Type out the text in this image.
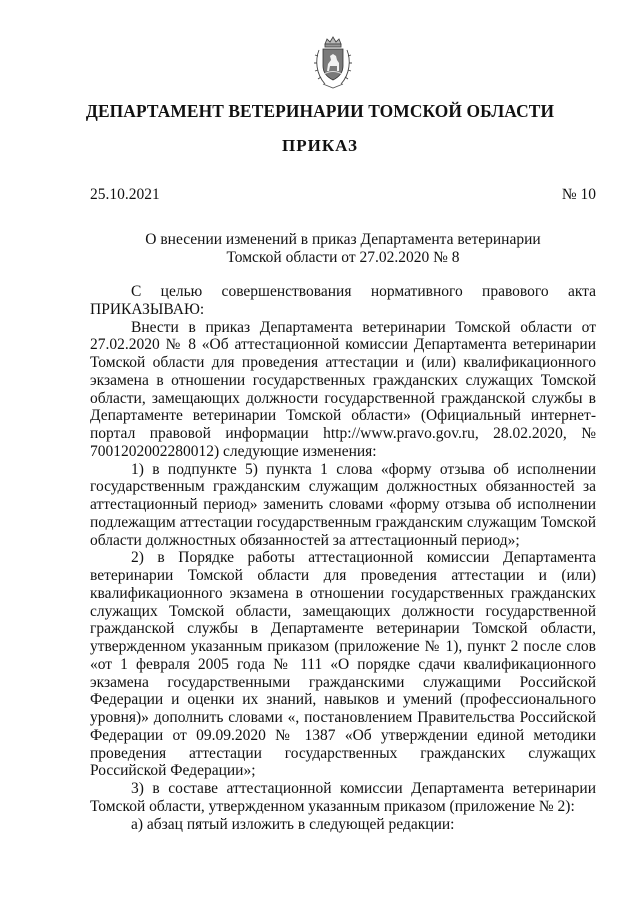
ДЕПАРТАМЕНТ ВЕТЕРИНАРИИ ТОМСКОЙ ОБЛАСТИ
ПРИКАЗ
25.10.2021	№ 10
О внесении изменений в приказ Департамента ветеринарии
Томской области от 27.02.2020 № 8

С целью совершенствования нормативного правового акта

ПРИКАЗЫВАЮ:

Внести в приказ Департамента ветеринарии Томской области от 27.02.2020 № 8 «Об аттестационной комиссии Департамента ветеринарии Томской области для проведения аттестации и (или) квалификационного экзамена в отношении государственных гражданских служащих Томской области, замещающих должности государственной гражданской службы в Департаменте ветеринарии Томской области» (Официальный интернет-портал правовой информации http://www.pravo.gov.ru, 28.02.2020, № 7001202002280012) следующие изменения:

1) в подпункте 5) пункта 1 слова «форму отзыва об исполнении государственным гражданским служащим должностных обязанностей за аттестационный период» заменить словами «форму отзыва об исполнении подлежащим аттестации государственным гражданским служащим Томской области должностных обязанностей за аттестационный период»;

2) в Порядке работы аттестационной комиссии Департамента ветеринарии Томской области для проведения аттестации и (или) квалификационного экзамена в отношении государственных гражданских служащих Томской области, замещающих должности государственной гражданской службы в Департаменте ветеринарии Томской области, утвержденном указанным приказом (приложение № 1), пункт 2 после слов «от 1 февраля 2005 года № 111 «О порядке сдачи квалификационного экзамена государственными гражданскими служащими Российской Федерации и оценки их знаний, навыков и умений (профессионального уровня)» дополнить словами «, постановлением Правительства Российской Федерации от 09.09.2020 № 1387 «Об утверждении единой методики проведения аттестации государственных гражданских служащих Российской Федерации»;

3) в составе аттестационной комиссии Департамента ветеринарии Томской области, утвержденном указанным приказом (приложение № 2):

а) абзац пятый изложить в следующей редакции:
